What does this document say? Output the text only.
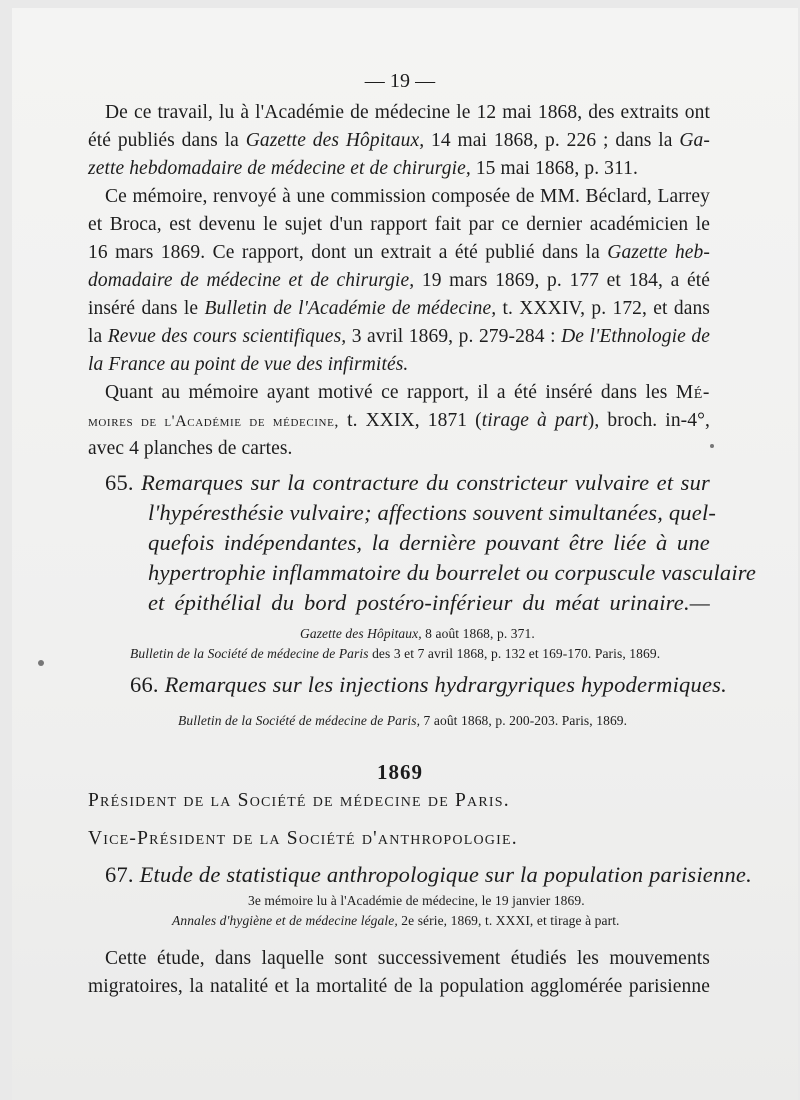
— 19 —
De ce travail, lu à l'Académie de médecine le 12 mai 1868, des extraits ont
été publiés dans la Gazette des Hôpitaux, 14 mai 1868, p. 226 ; dans la Ga-
zette hebdomadaire de médecine et de chirurgie, 15 mai 1868, p. 311.
Ce mémoire, renvoyé à une commission composée de MM. Béclard, Larrey
et Broca, est devenu le sujet d'un rapport fait par ce dernier académicien le
16 mars 1869. Ce rapport, dont un extrait a été publié dans la Gazette heb-
domadaire de médecine et de chirurgie, 19 mars 1869, p. 177 et 184, a été
inséré dans le Bulletin de l'Académie de médecine, t. XXXIV, p. 172, et dans
la Revue des cours scientifiques, 3 avril 1869, p. 279-284 : De l'Ethnologie de
la France au point de vue des infirmités.
Quant au mémoire ayant motivé ce rapport, il a été inséré dans les Mé-
moires de l'Académie de médecine, t. XXIX, 1871 (tirage à part), broch. in-4°,
avec 4 planches de cartes.
65. Remarques sur la contracture du constricteur vulvaire et sur
l'hypéresthésie vulvaire; affections souvent simultanées, quel-
quefois indépendantes, la dernière pouvant être liée à une
hypertrophie inflammatoire du bourrelet ou corpuscule vasculaire
et épithélial du bord postéro-inférieur du méat urinaire.—
Gazette des Hôpitaux, 8 août 1868, p. 371.
Bulletin de la Société de médecine de Paris des 3 et 7 avril 1868, p. 132 et 169-170. Paris, 1869.
66. Remarques sur les injections hydrargyriques hypodermiques.
Bulletin de la Société de médecine de Paris, 7 août 1868, p. 200-203. Paris, 1869.
1869
Président de la Société de médecine de Paris.
Vice-Président de la Société d'anthropologie.
67. Etude de statistique anthropologique sur la population parisienne.
3e mémoire lu à l'Académie de médecine, le 19 janvier 1869.
Annales d'hygiène et de médecine légale, 2e série, 1869, t. XXXI, et tirage à part.
Cette étude, dans laquelle sont successivement étudiés les mouvements
migratoires, la natalité et la mortalité de la population agglomérée parisienne
